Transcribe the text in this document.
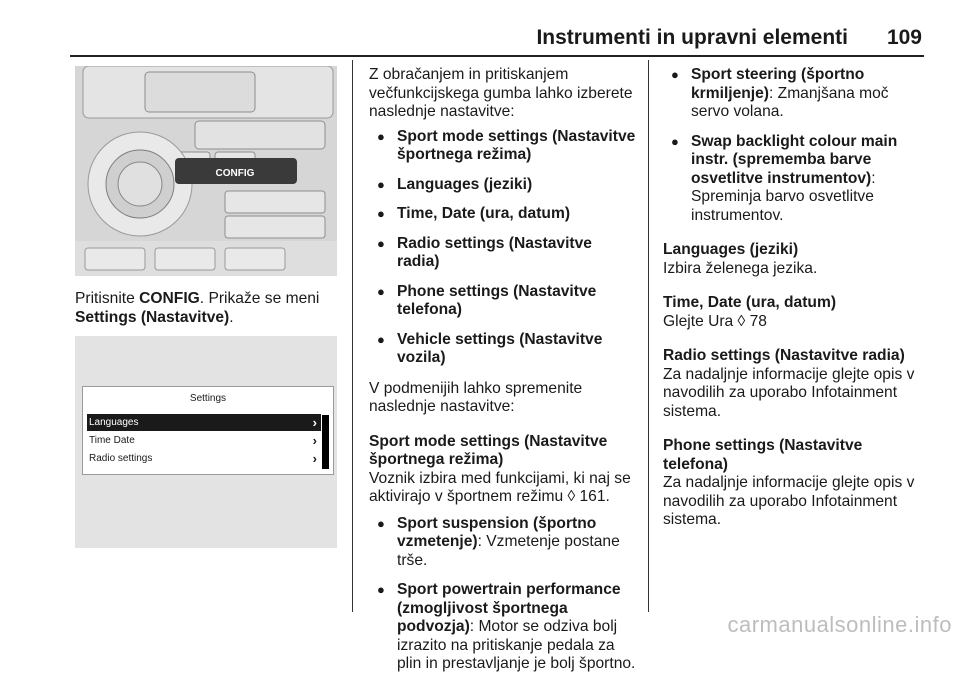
Instrumenti in upravni elementi 109
CONFIG

Pritisnite CONFIG. Prikaže se meni
Settings (Nastavitve).

Settings
Languages	›
Time Date	›
Radio settings	›

Z obračanjem in pritiskanjem večfunkcijskega gumba lahko izberete naslednje nastavitve:

● Sport mode settings (Nastavitve športnega režima)
● Languages (jeziki)
● Time, Date (ura, datum)
● Radio settings (Nastavitve radia)
● Phone settings (Nastavitve telefona)
● Vehicle settings (Nastavitve vozila)

V podmenijih lahko spremenite naslednje nastavitve:

Sport mode settings (Nastavitve športnega režima)

Voznik izbira med funkcijami, ki naj se aktivirajo v športnem režimu ◊ 161.

● Sport suspension (športno vzmetenje): Vzmetenje postane trše.
● Sport powertrain performance (zmogljivost športnega podvozja): Motor se odziva bolj izrazito na pritiskanje pedala za plin in prestavljanje je bolj športno.
● Sport steering (športno krmiljenje): Zmanjšana moč servo volana.
● Swap backlight colour main instr. (sprememba barve osvetlitve instrumentov): Spreminja barvo osvetlitve instrumentov.
Languages (jeziki)

Izbira želenega jezika.

Time, Date (ura, datum)

Glejte Ura ◊ 78

Radio settings (Nastavitve radia)

Za nadaljnje informacije glejte opis v navodilih za uporabo Infotainment sistema.

Phone settings (Nastavitve telefona)

Za nadaljnje informacije glejte opis v navodilih za uporabo Infotainment sistema.

carmanualsonline.info
